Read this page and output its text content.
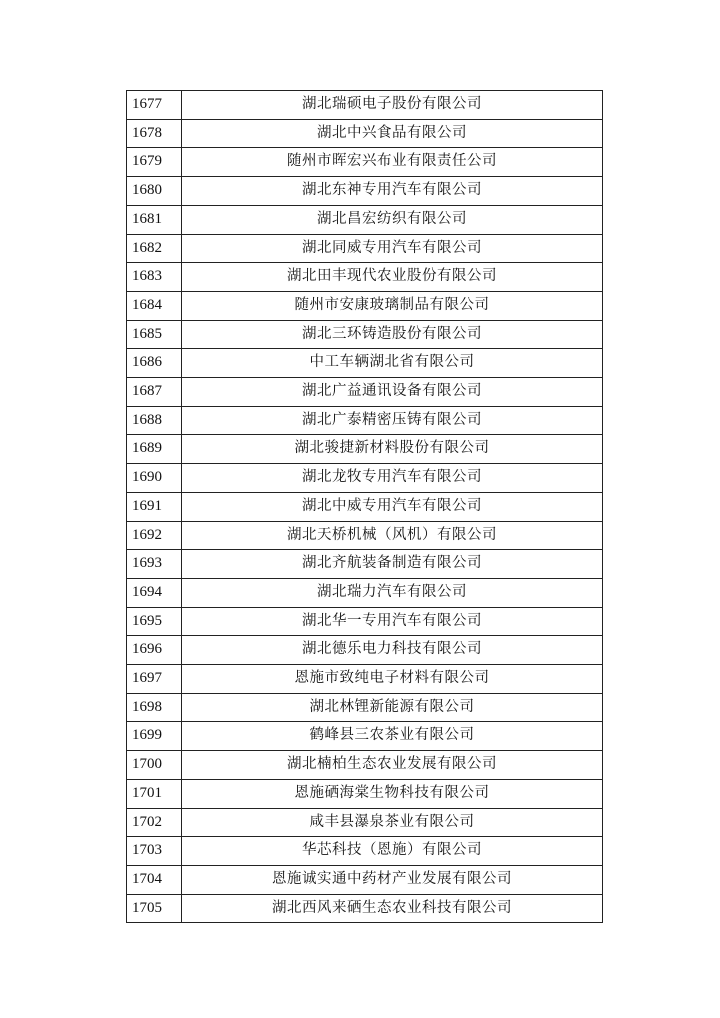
1677	湖北瑞硕电子股份有限公司
1678	湖北中兴食品有限公司
1679	随州市晖宏兴布业有限责任公司
1680	湖北东神专用汽车有限公司
1681	湖北昌宏纺织有限公司
1682	湖北同威专用汽车有限公司
1683	湖北田丰现代农业股份有限公司
1684	随州市安康玻璃制品有限公司
1685	湖北三环铸造股份有限公司
1686	中工车辆湖北省有限公司
1687	湖北广益通讯设备有限公司
1688	湖北广泰精密压铸有限公司
1689	湖北骏捷新材料股份有限公司
1690	湖北龙牧专用汽车有限公司
1691	湖北中威专用汽车有限公司
1692	湖北天桥机械（风机）有限公司
1693	湖北齐航装备制造有限公司
1694	湖北瑞力汽车有限公司
1695	湖北华一专用汽车有限公司
1696	湖北德乐电力科技有限公司
1697	恩施市致纯电子材料有限公司
1698	湖北林锂新能源有限公司
1699	鹤峰县三农茶业有限公司
1700	湖北楠柏生态农业发展有限公司
1701	恩施硒海棠生物科技有限公司
1702	咸丰县瀑泉茶业有限公司
1703	华芯科技（恩施）有限公司
1704	恩施诚实通中药材产业发展有限公司
1705	湖北西风来硒生态农业科技有限公司
